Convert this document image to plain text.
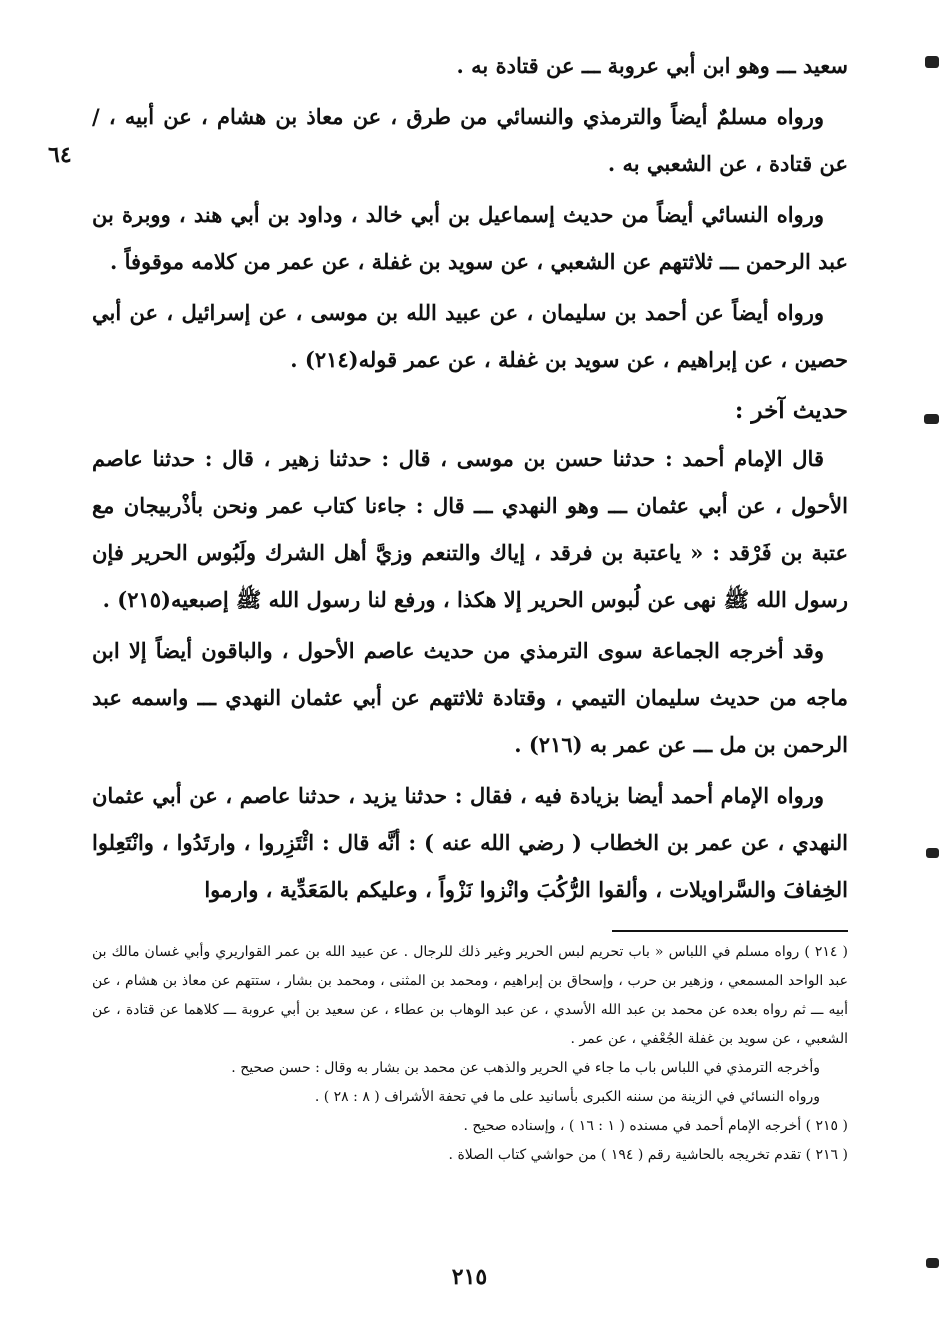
٦٤

سعيد ـــ وهو ابن أبي عروبة ـــ عن قتادة به .

ورواه مسلمٌ أيضاً والترمذي والنسائي من طرق ، عن معاذ بن هشام ، عن أبيه ، / عن قتادة ، عن الشعبي به .

ورواه النسائي أيضاً من حديث إسماعيل بن أبي خالد ، وداود بن أبي هند ، ووبرة بن عبد الرحمن ـــ ثلاثتهم عن الشعبي ، عن سويد بن غفلة ، عن عمر من كلامه موقوفاً .

ورواه أيضاً عن أحمد بن سليمان ، عن عبيد الله بن موسى ، عن إسرائيل ، عن أبي حصين ، عن إبراهيم ، عن سويد بن غفلة ، عن عمر قوله(٢١٤) .

حديث آخر :

قال الإمام أحمد : حدثنا حسن بن موسى ، قال : حدثنا زهير ، قال : حدثنا عاصم الأحول ، عن أبي عثمان ـــ وهو النهدي ـــ قال : جاءنا كتاب عمر ونحن بأذْربيجان مع عتبة بن فَرْقد : « ياعتبة بن فرقد ، إياك والتنعم وزيَّ أهل الشرك ولَبُوس الحرير فإن رسول الله ﷺ نهى عن لُبوس الحرير إلا هكذا ، ورفع لنا رسول الله ﷺ إصبعيه(٢١٥) .

وقد أخرجه الجماعة سوى الترمذي من حديث عاصم الأحول ، والباقون أيضاً إلا ابن ماجه من حديث سليمان التيمي ، وقتادة ثلاثتهم عن أبي عثمان النهدي ـــ واسمه عبد الرحمن بن مل ـــ عن عمر به (٢١٦) .

ورواه الإمام أحمد أيضا بزيادة فيه ، فقال : حدثنا يزيد ، حدثنا عاصم ، عن أبي عثمان النهدي ، عن عمر بن الخطاب ( رضي الله عنه ) : أنَّه قال : ائْتَزِروا ، وارتَدُوا ، وانْتَعِلوا الخِفافَ والسَّراويلات ، وألقوا الرُّكُبَ وانْزوا نَزْواً ، وعليكم بالمَعَدِّية ، وارموا

( ٢١٤ ) رواه مسلم في اللباس « باب تحريم لبس الحرير وغير ذلك للرجال . عن عبيد الله بن عمر القواريري وأبي غسان مالك بن عبد الواحد المسمعي ، وزهير بن حرب ، وإسحاق بن إبراهيم ، ومحمد بن المثنى ، ومحمد بن بشار ، ستتهم عن معاذ بن هشام ، عن أبيه ـــ ثم رواه بعده عن محمد بن عبد الله الأسدي ، عن عبد الوهاب بن عطاء ، عن سعيد بن أبي عروبة ـــ كلاهما عن قتادة ، عن الشعبي ، عن سويد بن غفلة الجُعْفي ، عن عمر .

وأخرجه الترمذي في اللباس باب ما جاء في الحرير والذهب عن محمد بن بشار به وقال : حسن صحيح .

ورواه النسائي في الزينة من سننه الكبرى بأسانيد على ما في تحفة الأشراف ( ٨ : ٢٨ ) .

( ٢١٥ ) أخرجه الإمام أحمد في مسنده ( ١ : ١٦ ) ، وإسناده صحيح .

( ٢١٦ ) تقدم تخريجه بالحاشية رقم ( ١٩٤ ) من حواشي كتاب الصلاة .

٢١٥
